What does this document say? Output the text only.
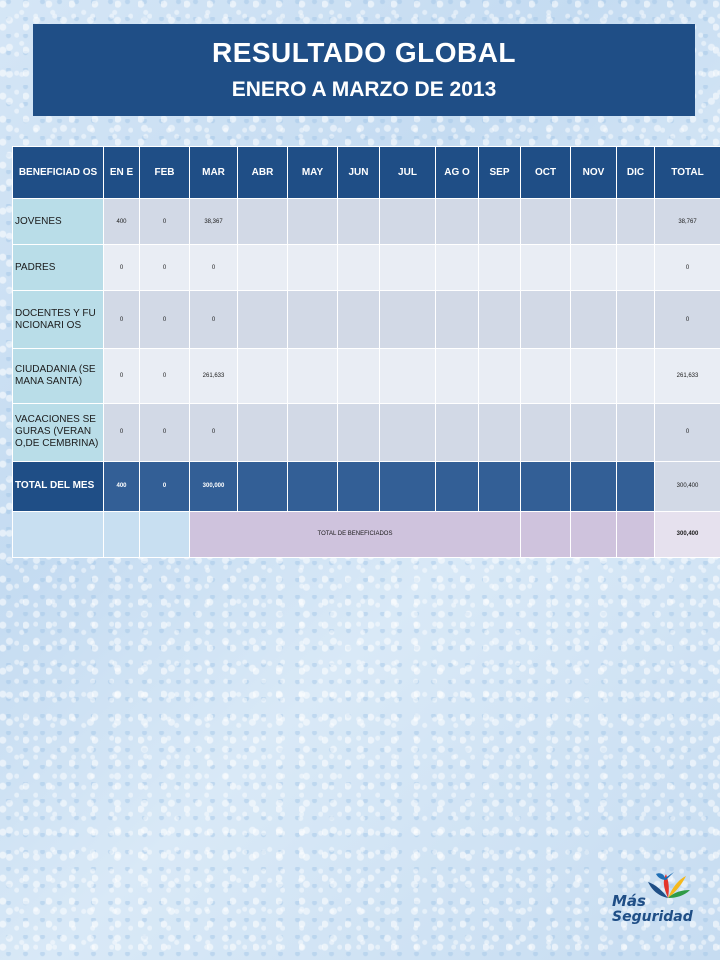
RESULTADO GLOBAL
ENERO A MARZO DE 2013
BENEFICIAD OS	EN E	FEB	MAR	ABR	MAY	JUN	JUL	AG O	SEP	OCT	NOV	DIC	TOTAL
JOVENES	400	0	38,367										38,767
PADRES	0	0	0										0
DOCENTES Y FUNCIONARI OS	0	0	0										0
CIUDADANIA (SEMANA SANTA)	0	0	261,633										261,633
VACACIONES SEGURAS (VERANO,DE CEMBRINA)	0	0	0										0
TOTAL DEL MES	400	0	300,000										300,400
			TOTAL DE BENEFICIADOS										300,400
Más
Seguridad
